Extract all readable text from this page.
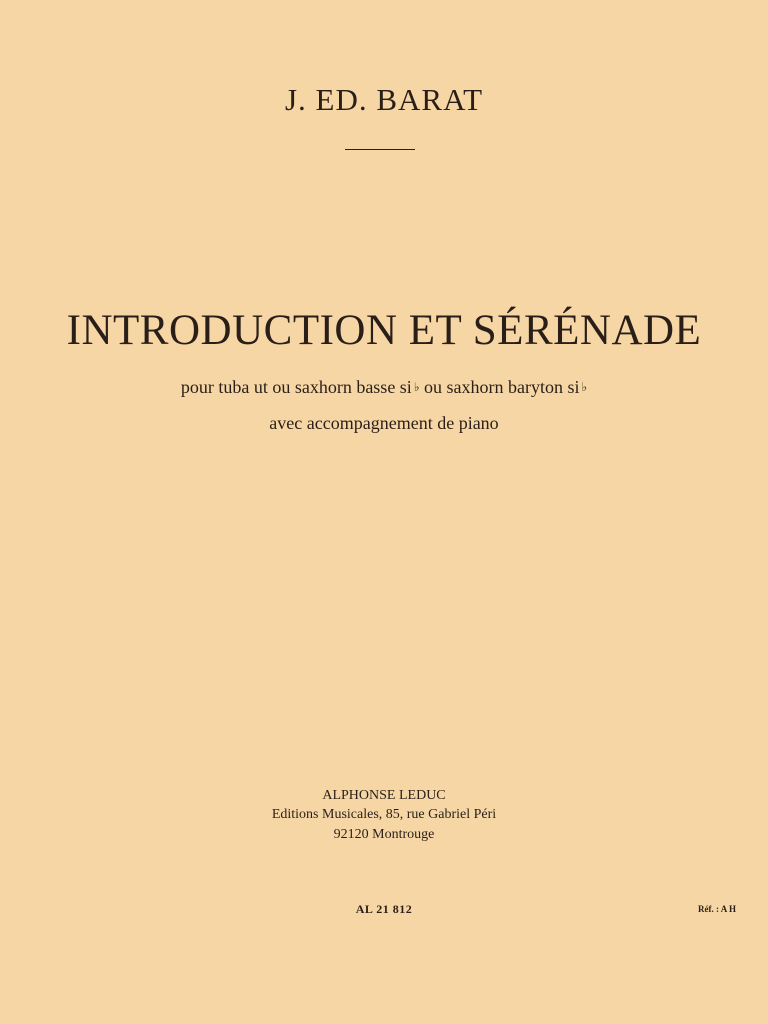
J. ED. BARAT
INTRODUCTION ET SÉRÉNADE
pour tuba ut ou saxhorn basse si ♭ ou saxhorn baryton si ♭
avec accompagnement de piano
ALPHONSE LEDUC
Editions Musicales, 85, rue Gabriel Péri
92120 Montrouge
AL 21 812	Réf. : A H
